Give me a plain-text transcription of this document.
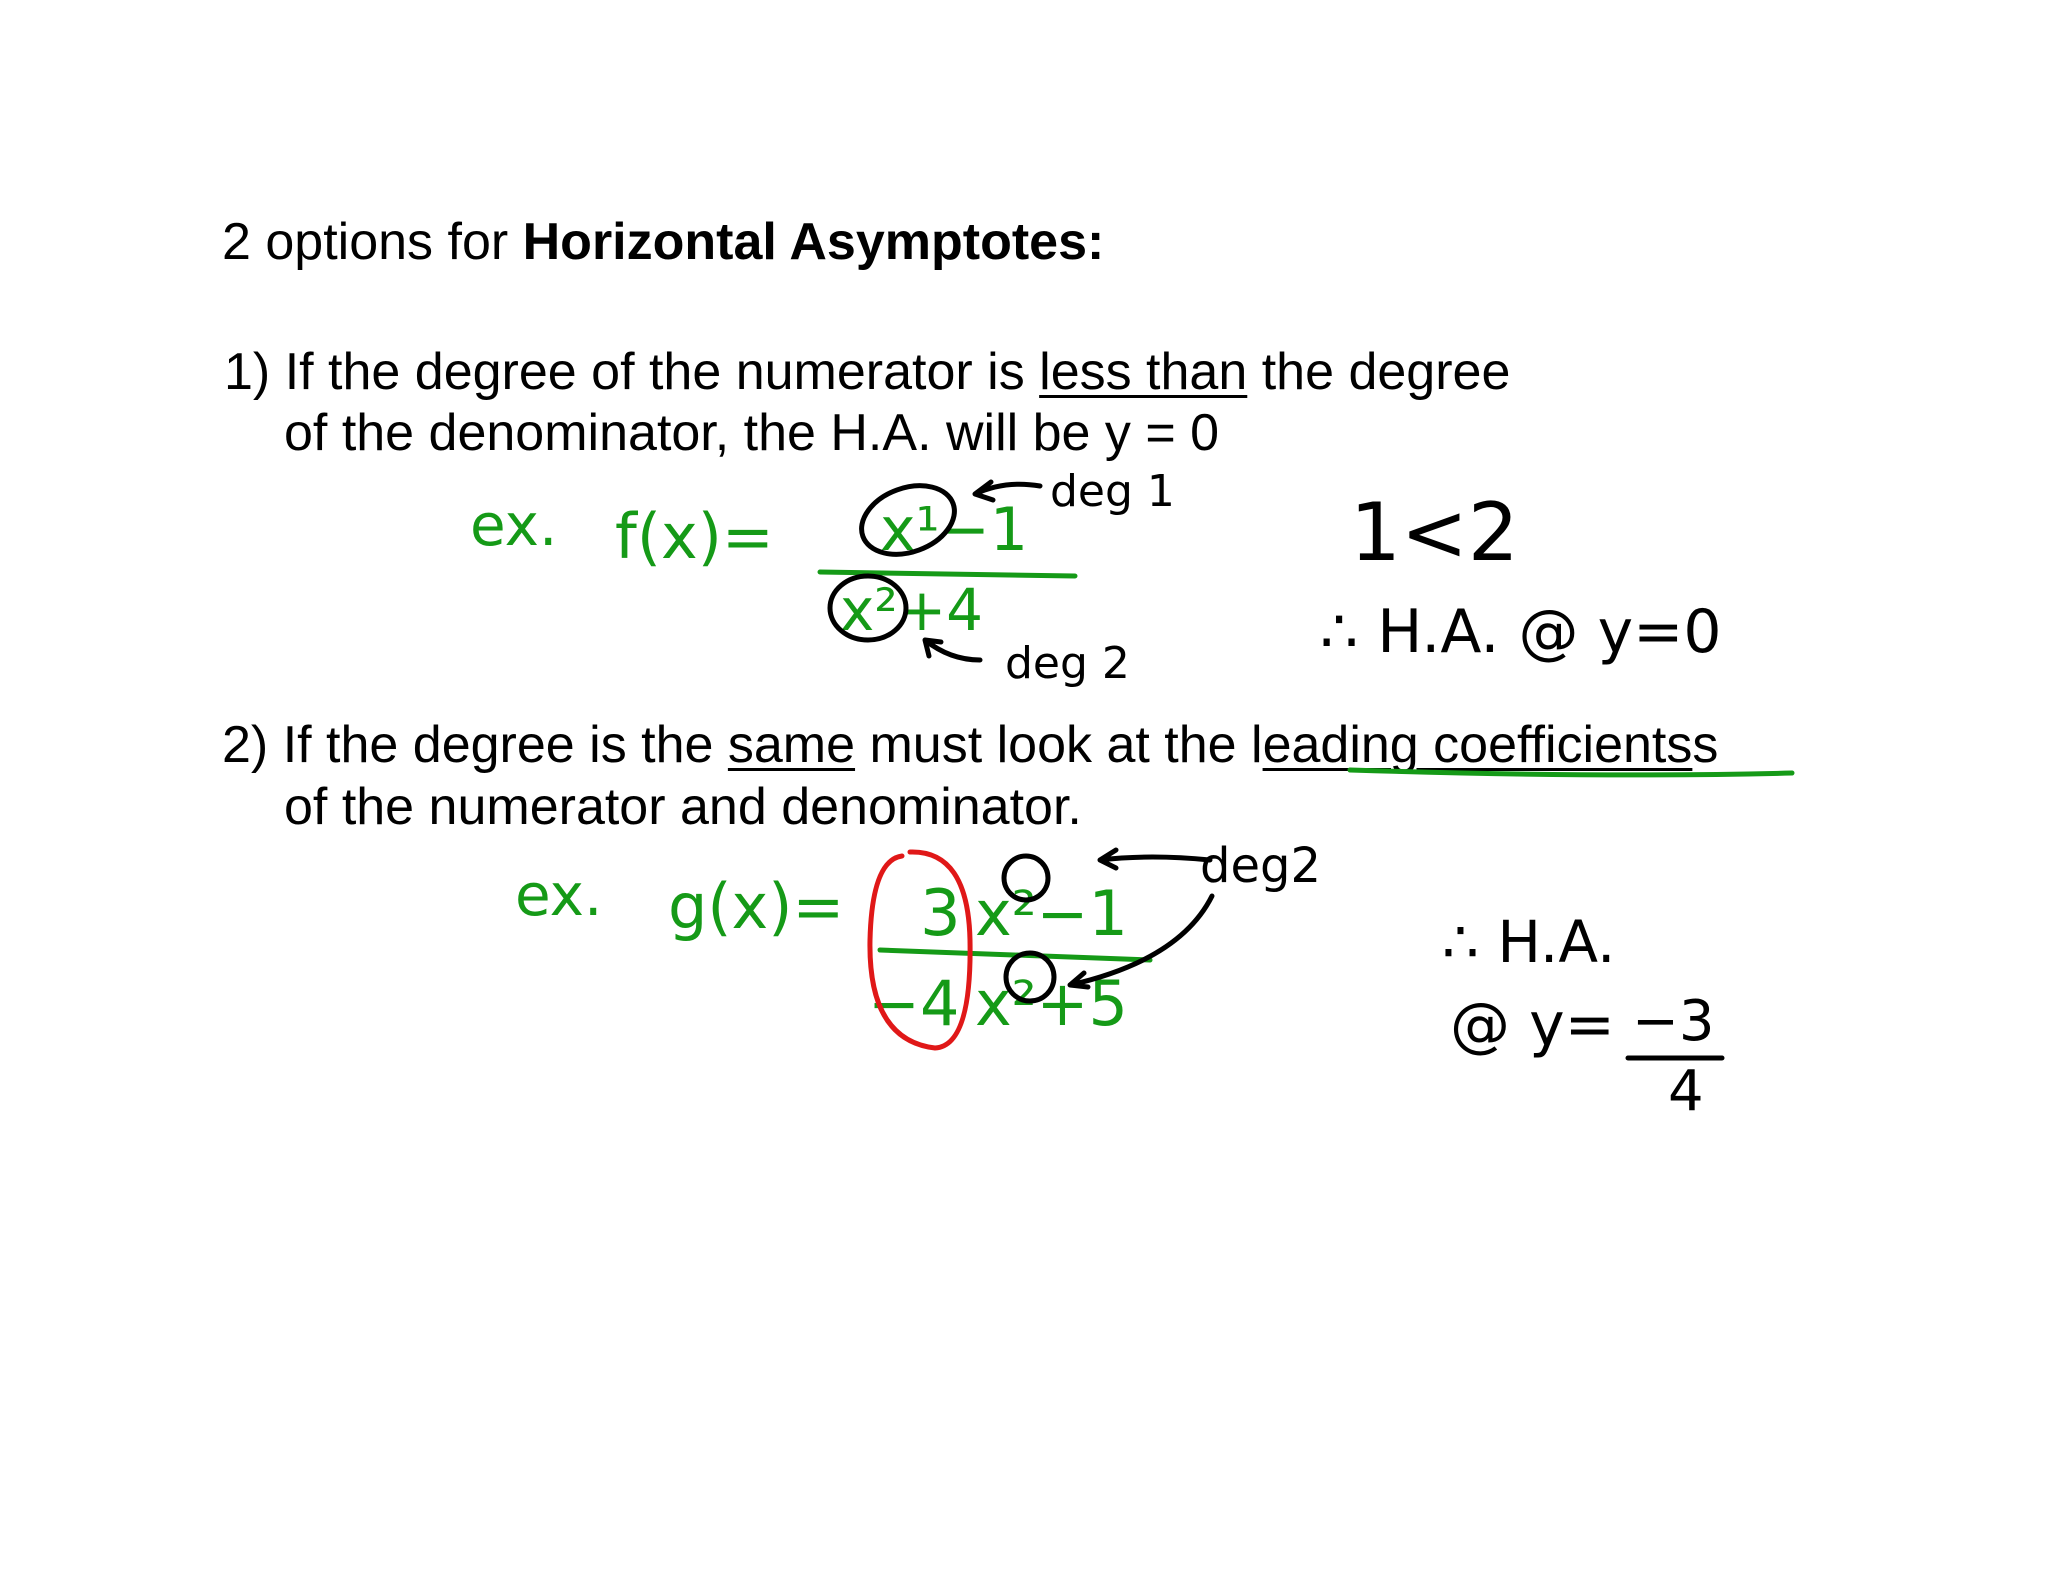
2 options for Horizontal Asymptotes:
1) If the degree of the numerator is less than the degree
of the denominator, the H.A. will be y = 0
2) If the degree is the same must look at the leading coefficientss
of the numerator and denominator.
ex. f(x)= x¹−1
x²+4
deg 1
deg 2
1<2
∴ H.A. @ y=0
ex. g(x)= 3 x²−1
−4 x²+5
deg2
∴ H.A.
@ y= −3
4
